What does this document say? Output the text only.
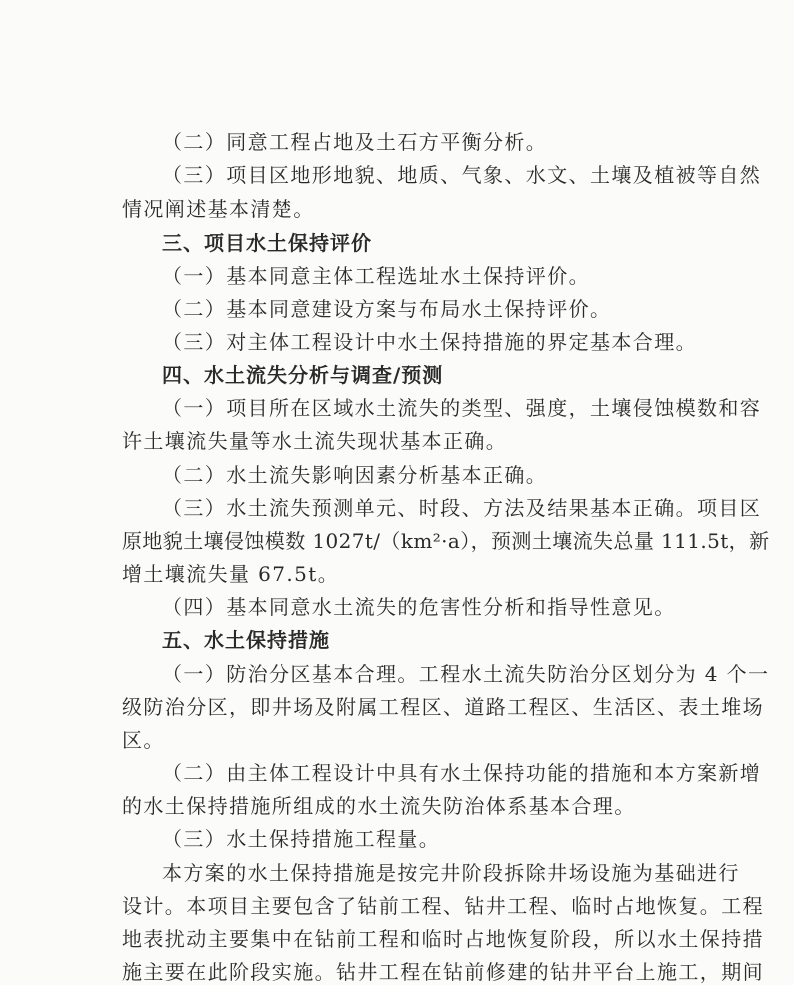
（二）同意工程占地及土石方平衡分析。
（三）项目区地形地貌、地质、气象、水文、土壤及植被等自然
情况阐述基本清楚。
三、项目水土保持评价
（一）基本同意主体工程选址水土保持评价。
（二）基本同意建设方案与布局水土保持评价。
（三）对主体工程设计中水土保持措施的界定基本合理。
四、水土流失分析与调查/预测
（一）项目所在区域水土流失的类型、强度，土壤侵蚀模数和容
许土壤流失量等水土流失现状基本正确。
（二）水土流失影响因素分析基本正确。
（三）水土流失预测单元、时段、方法及结果基本正确。项目区
原地貌土壤侵蚀模数 1027t/（km²·a），预测土壤流失总量 111.5t，新
增土壤流失量 67.5t。
（四）基本同意水土流失的危害性分析和指导性意见。
五、水土保持措施
（一）防治分区基本合理。工程水土流失防治分区划分为 4 个一
级防治分区，即井场及附属工程区、道路工程区、生活区、表土堆场
区。
（二）由主体工程设计中具有水土保持功能的措施和本方案新增
的水土保持措施所组成的水土流失防治体系基本合理。
（三）水土保持措施工程量。
本方案的水土保持措施是按完井阶段拆除井场设施为基础进行
设计。本项目主要包含了钻前工程、钻井工程、临时占地恢复。工程
地表扰动主要集中在钻前工程和临时占地恢复阶段，所以水土保持措
施主要在此阶段实施。钻井工程在钻前修建的钻井平台上施工，期间
